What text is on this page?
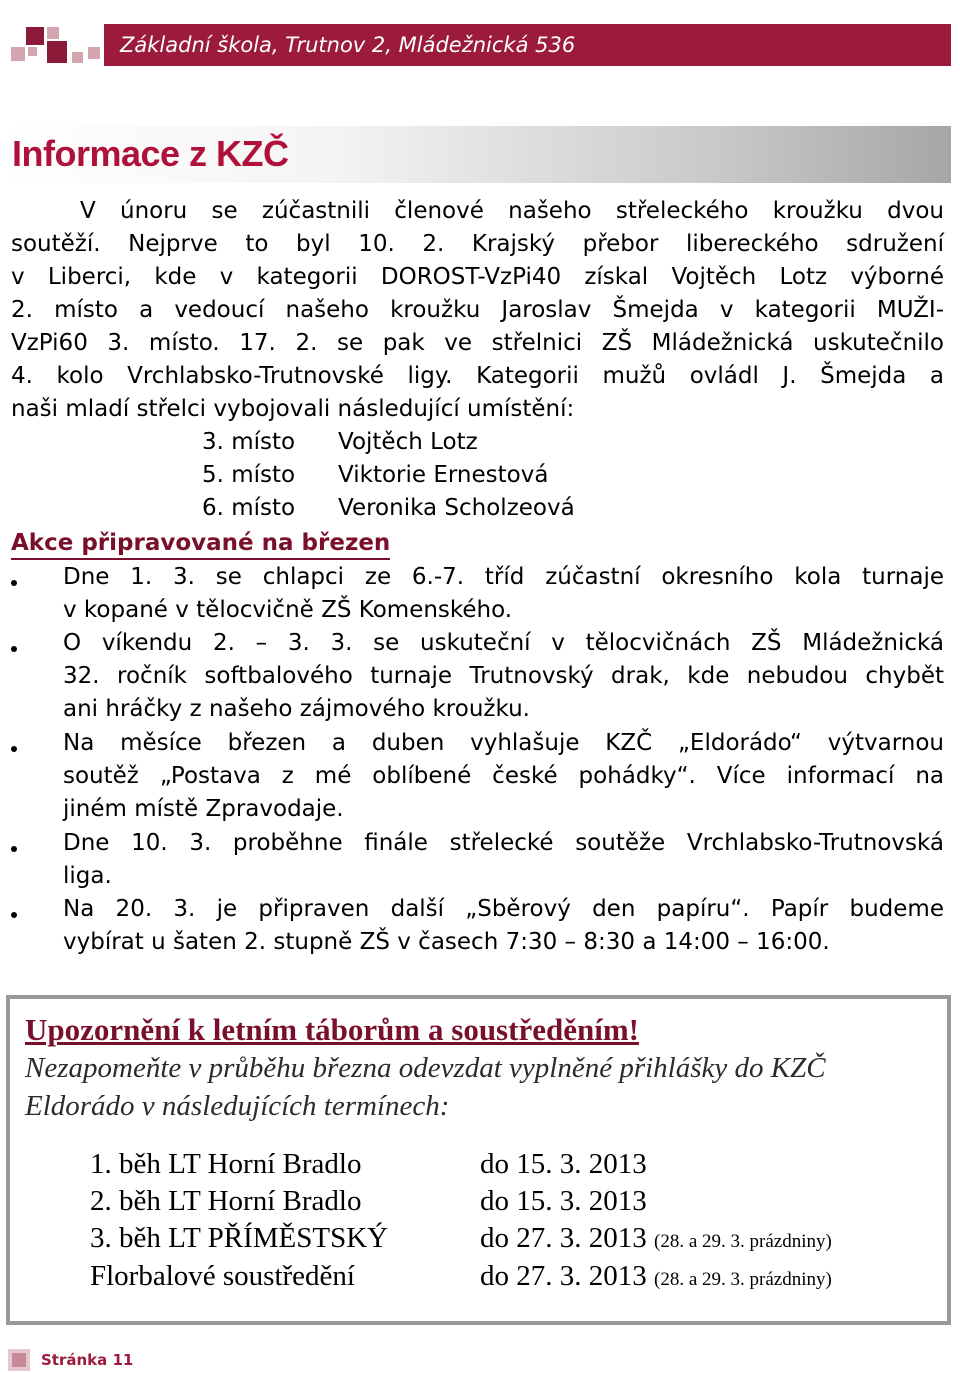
Základní škola, Trutnov 2, Mládežnická 536
Informace z KZČ
V únoru se zúčastnili členové našeho střeleckého kroužku dvou
soutěží. Nejprve to byl 10. 2. Krajský přebor libereckého sdružení
v Liberci, kde v kategorii DOROST-VzPi40 získal Vojtěch Lotz výborné
2. místo a vedoucí našeho kroužku Jaroslav Šmejda v kategorii MUŽI-
VzPi60 3. místo. 17. 2. se pak ve střelnici ZŠ Mládežnická uskutečnilo
4. kolo Vrchlabsko-Trutnovské ligy. Kategorii mužů ovládl J. Šmejda a
naši mladí střelci vybojovali následující umístění:
3. místo Vojtěch Lotz
5. místo Viktorie Ernestová
6. místo Veronika Scholzeová
Akce připravované na březen
Dne 1. 3. se chlapci ze 6.-7. tříd zúčastní okresního kola turnaje
v kopané v tělocvičně ZŠ Komenského.
O víkendu 2. – 3. 3. se uskuteční v tělocvičnách ZŠ Mládežnická
32. ročník softbalového turnaje Trutnovský drak, kde nebudou chybět
ani hráčky z našeho zájmového kroužku.
Na měsíce březen a duben vyhlašuje KZČ „Eldorádo“ výtvarnou
soutěž „Postava z mé oblíbené české pohádky“. Více informací na
jiném místě Zpravodaje.
Dne 10. 3. proběhne finále střelecké soutěže Vrchlabsko-Trutnovská
liga.
Na 20. 3. je připraven další „Sběrový den papíru“. Papír budeme
vybírat u šaten 2. stupně ZŠ v časech 7:30 – 8:30 a 14:00 – 16:00.
Upozornění k letním táborům a soustředěním!
Nezapomeňte v průběhu března odevzdat vyplněné přihlášky do KZČ
Eldorádo v následujících termínech:
1. běh LT Horní Bradlo	do 15. 3. 2013
2. běh LT Horní Bradlo	do 15. 3. 2013
3. běh LT PŘÍMĚSTSKÝ	do 27. 3. 2013 (28. a 29. 3. prázdniny)
Florbalové soustředění	do 27. 3. 2013 (28. a 29. 3. prázdniny)
Stránka 11
